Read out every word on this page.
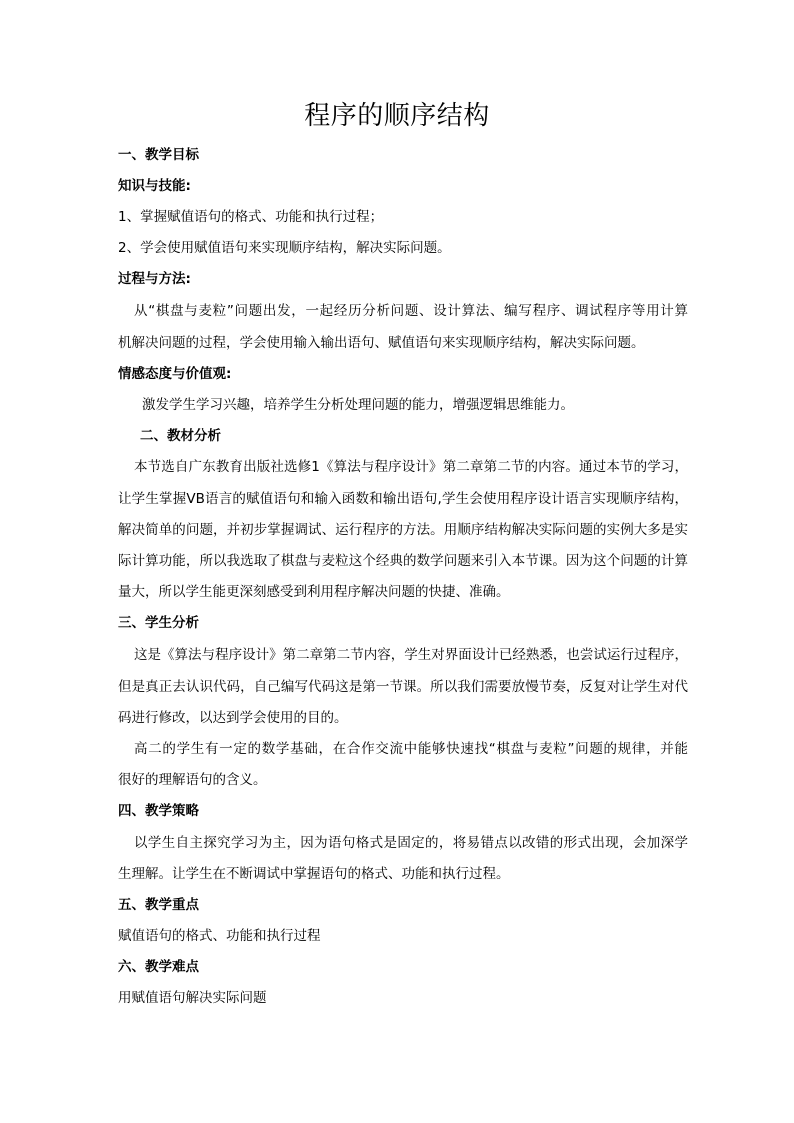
程序的顺序结构

一、教学目标

知识与技能:

1、掌握赋值语句的格式、功能和执行过程；

2、学会使用赋值语句来实现顺序结构，解决实际问题。

过程与方法:

从“棋盘与麦粒”问题出发，一起经历分析问题、设计算法、编写程序、调试程序等用计算

机解决问题的过程，学会使用输入输出语句、赋值语句来实现顺序结构，解决实际问题。

情感态度与价值观:

激发学生学习兴趣，培养学生分析处理问题的能力，增强逻辑思维能力。

二、教材分析

本节选自广东教育出版社选修1《算法与程序设计》第二章第二节的内容。通过本节的学习，

让学生掌握VB语言的赋值语句和输入函数和输出语句,学生会使用程序设计语言实现顺序结构，

解决简单的问题，并初步掌握调试、运行程序的方法。用顺序结构解决实际问题的实例大多是实

际计算功能，所以我选取了棋盘与麦粒这个经典的数学问题来引入本节课。因为这个问题的计算

量大，所以学生能更深刻感受到利用程序解决问题的快捷、准确。

三、学生分析

这是《算法与程序设计》第二章第二节内容，学生对界面设计已经熟悉，也尝试运行过程序，

但是真正去认识代码，自己编写代码这是第一节课。所以我们需要放慢节奏，反复对让学生对代

码进行修改，以达到学会使用的目的。

高二的学生有一定的数学基础，在合作交流中能够快速找“棋盘与麦粒”问题的规律，并能

很好的理解语句的含义。

四、教学策略

以学生自主探究学习为主，因为语句格式是固定的，将易错点以改错的形式出现，会加深学

生理解。让学生在不断调试中掌握语句的格式、功能和执行过程。

五、教学重点

赋值语句的格式、功能和执行过程

六、教学难点

用赋值语句解决实际问题
